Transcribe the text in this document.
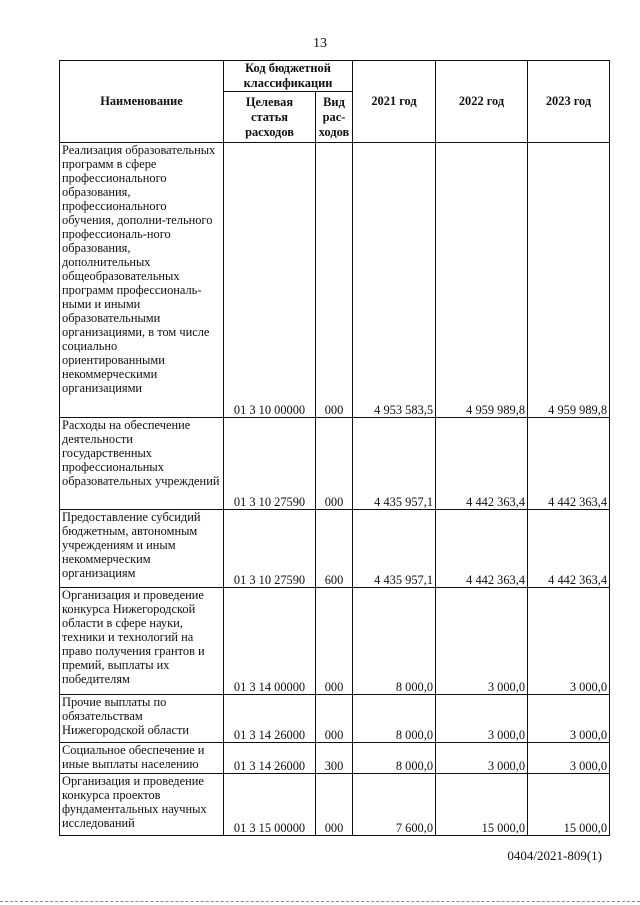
13
Наименование	Код бюджетной классификации		2021 год	2022 год	2023 год
	Целевая статья расходов	Вид рас-ходов			
Реализация образовательных программ в сфере профессионального образования, профессионального обучения, дополни-тельного профессиональ-ного образования, дополнительных общеобразовательных программ профессиональ-ными и иными образовательными организациями, в том числе социально ориентированными некоммерческими организациями	01 3 10 00000	000	4 953 583,5	4 959 989,8	4 959 989,8
Расходы на обеспечение деятельности государственных профессиональных образовательных учреждений	01 3 10 27590	000	4 435 957,1	4 442 363,4	4 442 363,4
Предоставление субсидий бюджетным, автономным учреждениям и иным некоммерческим организациям	01 3 10 27590	600	4 435 957,1	4 442 363,4	4 442 363,4
Организация и проведение конкурса Нижегородской области в сфере науки, техники и технологий на право получения грантов и премий, выплаты их победителям	01 3 14 00000	000	8 000,0	3 000,0	3 000,0
Прочие выплаты по обязательствам Нижегородской области	01 3 14 26000	000	8 000,0	3 000,0	3 000,0
Социальное обеспечение и иные выплаты населению	01 3 14 26000	300	8 000,0	3 000,0	3 000,0
Организация и проведение конкурса проектов фундаментальных научных исследований	01 3 15 00000	000	7 600,0	15 000,0	15 000,0
0404/2021-809(1)
